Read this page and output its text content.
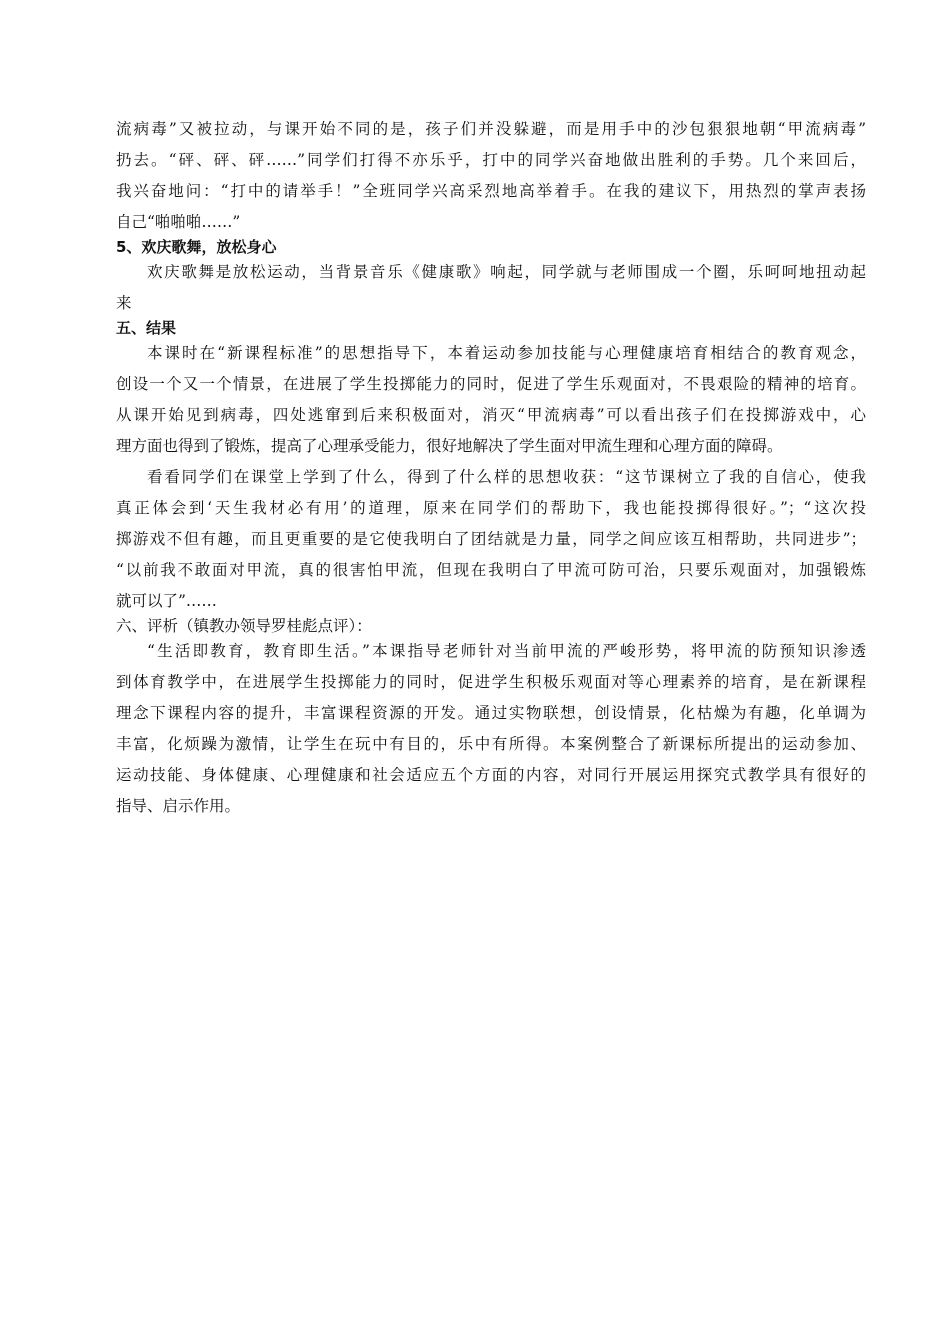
流病毒”又被拉动，与课开始不同的是，孩子们并没躲避，而是用手中的沙包狠狠地朝“甲流病毒”

扔去。“砰、砰、砰……”同学们打得不亦乐乎，打中的同学兴奋地做出胜利的手势。几个来回后，

我兴奋地问：“打中的请举手！”全班同学兴高采烈地高举着手。在我的建议下，用热烈的掌声表扬

自己“啪啪啪……”

5、欢庆歌舞，放松身心

欢庆歌舞是放松运动，当背景音乐《健康歌》响起，同学就与老师围成一个圈，乐呵呵地扭动起

来

五、结果

本课时在“新课程标准”的思想指导下，本着运动参加技能与心理健康培育相结合的教育观念，

创设一个又一个情景，在进展了学生投掷能力的同时，促进了学生乐观面对，不畏艰险的精神的培育。

从课开始见到病毒，四处逃窜到后来积极面对，消灭“甲流病毒”可以看出孩子们在投掷游戏中，心

理方面也得到了锻炼，提高了心理承受能力，很好地解决了学生面对甲流生理和心理方面的障碍。

看看同学们在课堂上学到了什么，得到了什么样的思想收获：“这节课树立了我的自信心，使我

真正体会到‘天生我材必有用’的道理，原来在同学们的帮助下，我也能投掷得很好。”；“这次投

掷游戏不但有趣，而且更重要的是它使我明白了团结就是力量，同学之间应该互相帮助，共同进步”；

“以前我不敢面对甲流，真的很害怕甲流，但现在我明白了甲流可防可治，只要乐观面对，加强锻炼

就可以了”……

六、评析（镇教办领导罗桂彪点评）：

“生活即教育，教育即生活。”本课指导老师针对当前甲流的严峻形势，将甲流的防预知识渗透

到体育教学中，在进展学生投掷能力的同时，促进学生积极乐观面对等心理素养的培育，是在新课程

理念下课程内容的提升，丰富课程资源的开发。通过实物联想，创设情景，化枯燥为有趣，化单调为

丰富，化烦躁为激情，让学生在玩中有目的，乐中有所得。本案例整合了新课标所提出的运动参加、

运动技能、身体健康、心理健康和社会适应五个方面的内容，对同行开展运用探究式教学具有很好的

指导、启示作用。
